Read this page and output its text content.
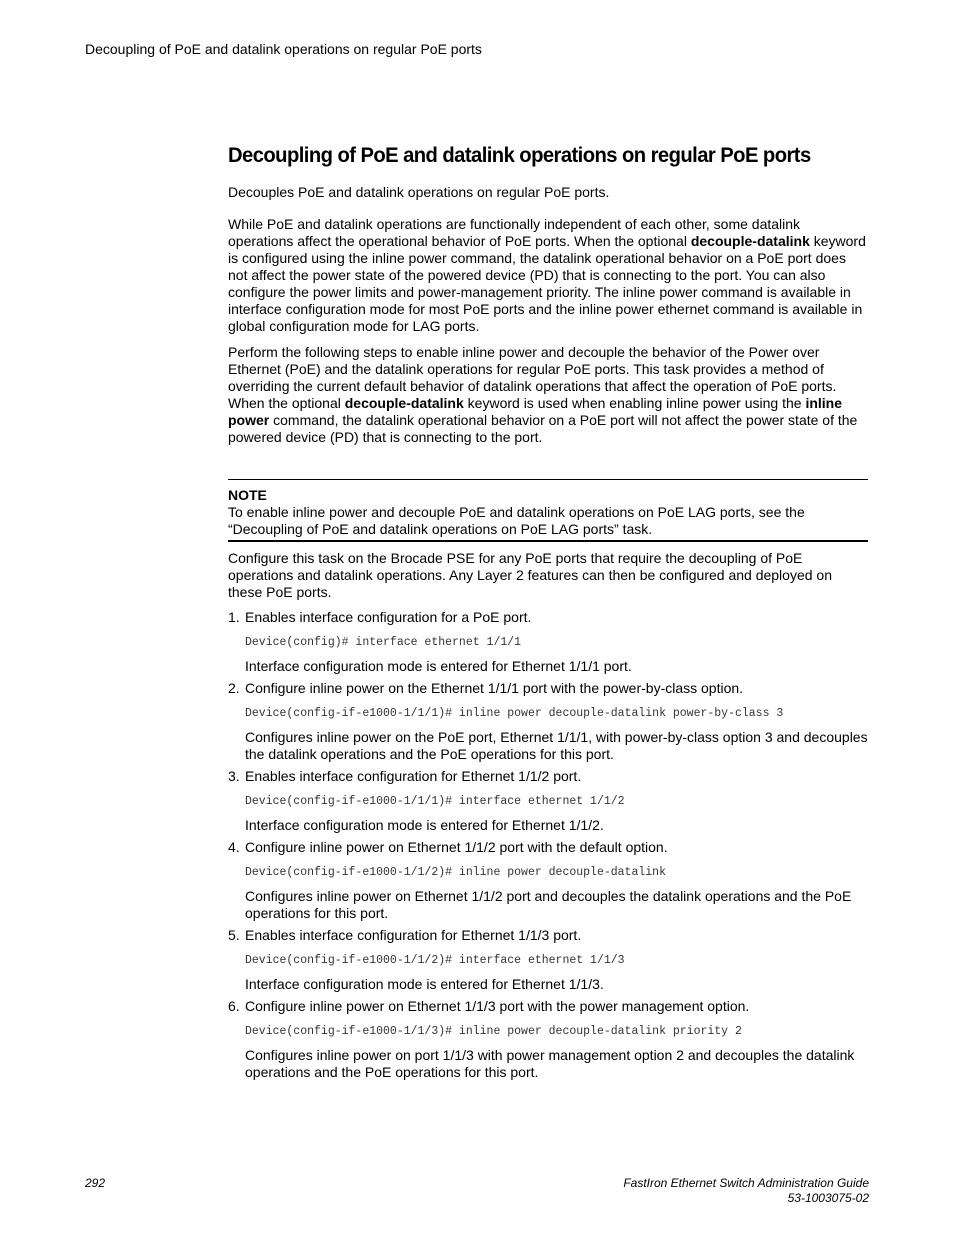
Decoupling of PoE and datalink operations on regular PoE ports
Decoupling of PoE and datalink operations on regular PoE ports

Decouples PoE and datalink operations on regular PoE ports.

While PoE and datalink operations are functionally independent of each other, some datalink operations affect the operational behavior of PoE ports. When the optional decouple-datalink keyword is configured using the inline power command, the datalink operational behavior on a PoE port does not affect the power state of the powered device (PD) that is connecting to the port. You can also configure the power limits and power-management priority. The inline power command is available in interface configuration mode for most PoE ports and the inline power ethernet command is available in global configuration mode for LAG ports.

Perform the following steps to enable inline power and decouple the behavior of the Power over Ethernet (PoE) and the datalink operations for regular PoE ports. This task provides a method of overriding the current default behavior of datalink operations that affect the operation of PoE ports. When the optional decouple-datalink keyword is used when enabling inline power using the inline power command, the datalink operational behavior on a PoE port will not affect the power state of the powered device (PD) that is connecting to the port.

NOTE
To enable inline power and decouple PoE and datalink operations on PoE LAG ports, see the “Decoupling of PoE and datalink operations on PoE LAG ports” task.

Configure this task on the Brocade PSE for any PoE ports that require the decoupling of PoE operations and datalink operations. Any Layer 2 features can then be configured and deployed on these PoE ports.

1. Enables interface configuration for a PoE port.
Device(config)# interface ethernet 1/1/1
Interface configuration mode is entered for Ethernet 1/1/1 port.
2. Configure inline power on the Ethernet 1/1/1 port with the power-by-class option.
Device(config-if-e1000-1/1/1)# inline power decouple-datalink power-by-class 3
Configures inline power on the PoE port, Ethernet 1/1/1, with power-by-class option 3 and decouples the datalink operations and the PoE operations for this port.
3. Enables interface configuration for Ethernet 1/1/2 port.
Device(config-if-e1000-1/1/1)# interface ethernet 1/1/2
Interface configuration mode is entered for Ethernet 1/1/2.
4. Configure inline power on Ethernet 1/1/2 port with the default option.
Device(config-if-e1000-1/1/2)# inline power decouple-datalink
Configures inline power on Ethernet 1/1/2 port and decouples the datalink operations and the PoE operations for this port.
5. Enables interface configuration for Ethernet 1/1/3 port.
Device(config-if-e1000-1/1/2)# interface ethernet 1/1/3
Interface configuration mode is entered for Ethernet 1/1/3.
6. Configure inline power on Ethernet 1/1/3 port with the power management option.
Device(config-if-e1000-1/1/3)# inline power decouple-datalink priority 2
Configures inline power on port 1/1/3 with power management option 2 and decouples the datalink operations and the PoE operations for this port.
292	FastIron Ethernet Switch Administration Guide
53-1003075-02
